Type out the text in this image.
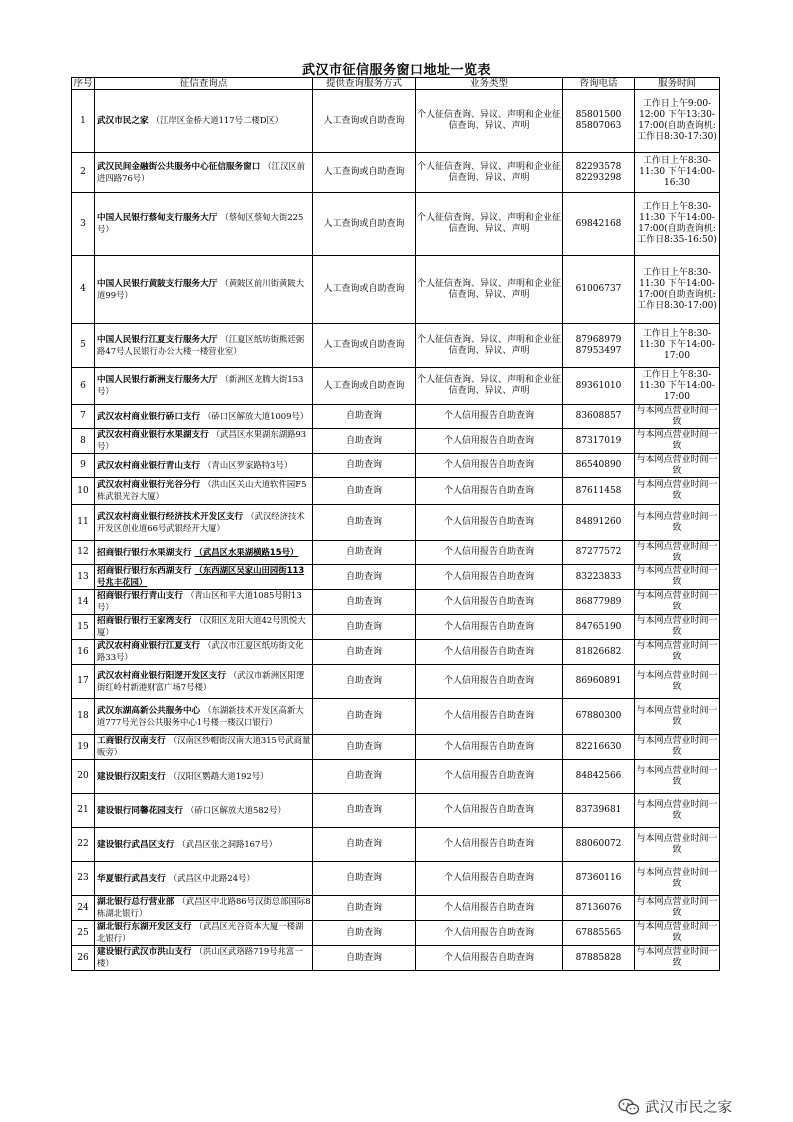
武汉市征信服务窗口地址一览表
序号	征信查询点	提供查询服务方式	业务类型	咨询电话	服务时间
1	武汉市民之家 （江岸区金桥大道117号二楼D区）	人工查询或自助查询	个人征信查询、异议、声明和企业征信查询、异议、声明	85801500 85807063	工作日上午9:00-12:00 下午13:30-17:00(自助查询机:工作日8:30-17:30)
2	武汉民间金融街公共服务中心征信服务窗口 （江汉区前进四路76号）	人工查询或自助查询	个人征信查询、异议、声明和企业征信查询、异议、声明	82293578 82293298	工作日上午8:30-11:30 下午14:00-16:30
3	中国人民银行蔡甸支行服务大厅 （蔡甸区蔡甸大街225号）	人工查询或自助查询	个人征信查询、异议、声明和企业征信查询、异议、声明	69842168	工作日上午8:30-11:30 下午14:00-17:00(自助查询机:工作日8:35-16:50)
4	中国人民银行黄陂支行服务大厅 （黄陂区前川街黄陂大道99号）	人工查询或自助查询	个人征信查询、异议、声明和企业征信查询、异议、声明	61006737	工作日上午8:30-11:30 下午14:00-17:00(自助查询机:工作日8:30-17:00)
5	中国人民银行江夏支行服务大厅 （江夏区纸坊街熊廷弼路47号人民银行办公大楼一楼营业室）	人工查询或自助查询	个人征信查询、异议、声明和企业征信查询、异议、声明	87968979 87953497	工作日上午8:30-11:30 下午14:00-17:00
6	中国人民银行新洲支行服务大厅 （新洲区龙腾大街153号）	人工查询或自助查询	个人征信查询、异议、声明和企业征信查询、异议、声明	89361010	工作日上午8:30-11:30 下午14:00-17:00
7	武汉农村商业银行硚口支行 （硚口区解放大道1009号）	自助查询	个人信用报告自助查询	83608857	与本网点营业时间一致
8	武汉农村商业银行水果湖支行 （武昌区水果湖东湖路93号）	自助查询	个人信用报告自助查询	87317019	与本网点营业时间一致
9	武汉农村商业银行青山支行 （青山区罗家路特3号）	自助查询	个人信用报告自助查询	86540890	与本网点营业时间一致
10	武汉农村商业银行光谷分行 （洪山区关山大道软件园F5栋武银光谷大厦）	自助查询	个人信用报告自助查询	87611458	与本网点营业时间一致
11	武汉农村商业银行经济技术开发区支行 （武汉经济技术开发区创业道66号武银经开大厦）	自助查询	个人信用报告自助查询	84891260	与本网点营业时间一致
12	招商银行银行水果湖支行 （武昌区水果湖横路15号）	自助查询	个人信用报告自助查询	87277572	与本网点营业时间一致
13	招商银行银行东西湖支行 （东西湖区吴家山田园街113号兆丰花园）	自助查询	个人信用报告自助查询	83223833	与本网点营业时间一致
14	招商银行银行青山支行 （青山区和平大道1085号附13号）	自助查询	个人信用报告自助查询	86877989	与本网点营业时间一致
15	招商银行银行王家湾支行 （汉阳区龙阳大道42号凯悦大厦）	自助查询	个人信用报告自助查询	84765190	与本网点营业时间一致
16	武汉农村商业银行江夏支行 （武汉市江夏区纸坊街文化路33号）	自助查询	个人信用报告自助查询	81826682	与本网点营业时间一致
17	武汉农村商业银行阳逻开发区支行 （武汉市新洲区阳逻街红岭村新港财富广场7号楼）	自助查询	个人信用报告自助查询	86960891	与本网点营业时间一致
18	武汉东湖高新公共服务中心 （东湖新技术开发区高新大道777号光谷公共服务中心1号楼一楼汉口银行）	自助查询	个人信用报告自助查询	67880300	与本网点营业时间一致
19	工商银行汉南支行 （汉南区纱帽街汉南大道315号武商量贩旁）	自助查询	个人信用报告自助查询	82216630	与本网点营业时间一致
20	建设银行汉阳支行 （汉阳区鹦鹉大道192号）	自助查询	个人信用报告自助查询	84842566	与本网点营业时间一致
21	建设银行同馨花园支行 （硚口区解放大道582号）	自助查询	个人信用报告自助查询	83739681	与本网点营业时间一致
22	建设银行武昌区支行 （武昌区张之洞路167号）	自助查询	个人信用报告自助查询	88060072	与本网点营业时间一致
23	华夏银行武昌支行 （武昌区中北路24号）	自助查询	个人信用报告自助查询	87360116	与本网点营业时间一致
24	湖北银行总行营业部 （武昌区中北路86号汉街总部国际8栋湖北银行）	自助查询	个人信用报告自助查询	87136076	与本网点营业时间一致
25	湖北银行东湖开发区支行 （武昌区光谷资本大厦一楼湖北银行）	自助查询	个人信用报告自助查询	67885565	与本网点营业时间一致
26	建设银行武汉市洪山支行 （洪山区武珞路719号兆富一楼）	自助查询	个人信用报告自助查询	87885828	与本网点营业时间一致
武汉市民之家
